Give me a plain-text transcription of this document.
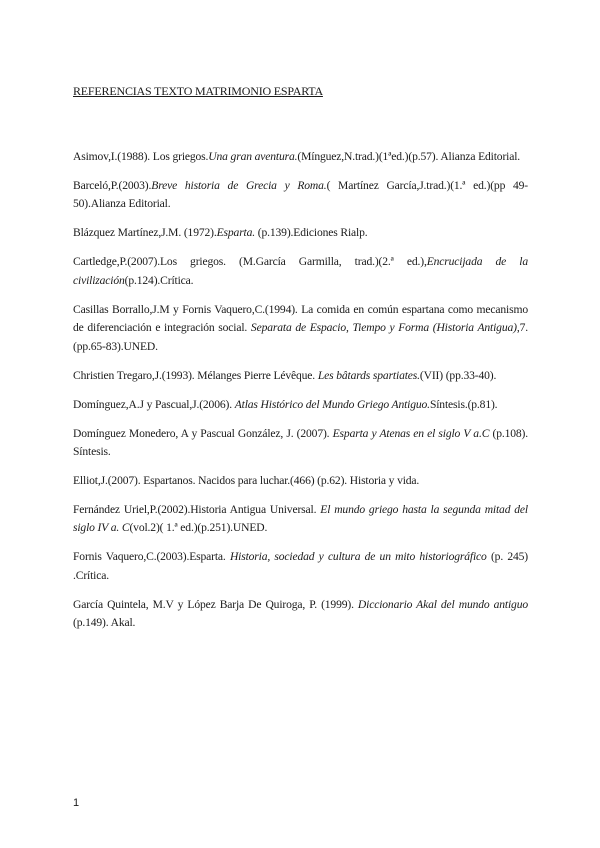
REFERENCIAS TEXTO MATRIMONIO ESPARTA

Asimov,I.(1988). Los griegos.Una gran aventura.(Mínguez,N.trad.)(1ªed.)(p.57). Alianza Editorial.

Barceló,P.(2003).Breve historia de Grecia y Roma.( Martínez García,J.trad.)(1.ª ed.)(pp 49-50).Alianza Editorial.

Blázquez Martínez,J.M. (1972).Esparta. (p.139).Ediciones Rialp.

Cartledge,P.(2007).Los griegos. (M.García Garmilla, trad.)(2.ª ed.),Encrucijada de la civilización(p.124).Crítica.

Casillas Borrallo,J.M y Fornis Vaquero,C.(1994). La comida en común espartana como mecanismo de diferenciación e integración social. Separata de Espacio, Tiempo y Forma (Historia Antigua),7.(pp.65-83).UNED.

Christien Tregaro,J.(1993). Mélanges Pierre Lévêque. Les bâtards spartiates.(VII) (pp.33-40).

Domínguez,A.J y Pascual,J.(2006). Atlas Histórico del Mundo Griego Antiguo.Síntesis.(p.81).

Domínguez Monedero, A y Pascual González, J. (2007). Esparta y Atenas en el siglo V a.C (p.108). Síntesis.

Elliot,J.(2007). Espartanos. Nacidos para luchar.(466) (p.62). Historia y vida.

Fernández Uriel,P.(2002).Historia Antigua Universal. El mundo griego hasta la segunda mitad del siglo IV a. C(vol.2)( 1.ª ed.)(p.251).UNED.

Fornis Vaquero,C.(2003).Esparta. Historia, sociedad y cultura de un mito historiográfico (p. 245) .Crítica.

García Quintela, M.V y López Barja De Quiroga, P. (1999). Diccionario Akal del mundo antiguo (p.149). Akal.

1
